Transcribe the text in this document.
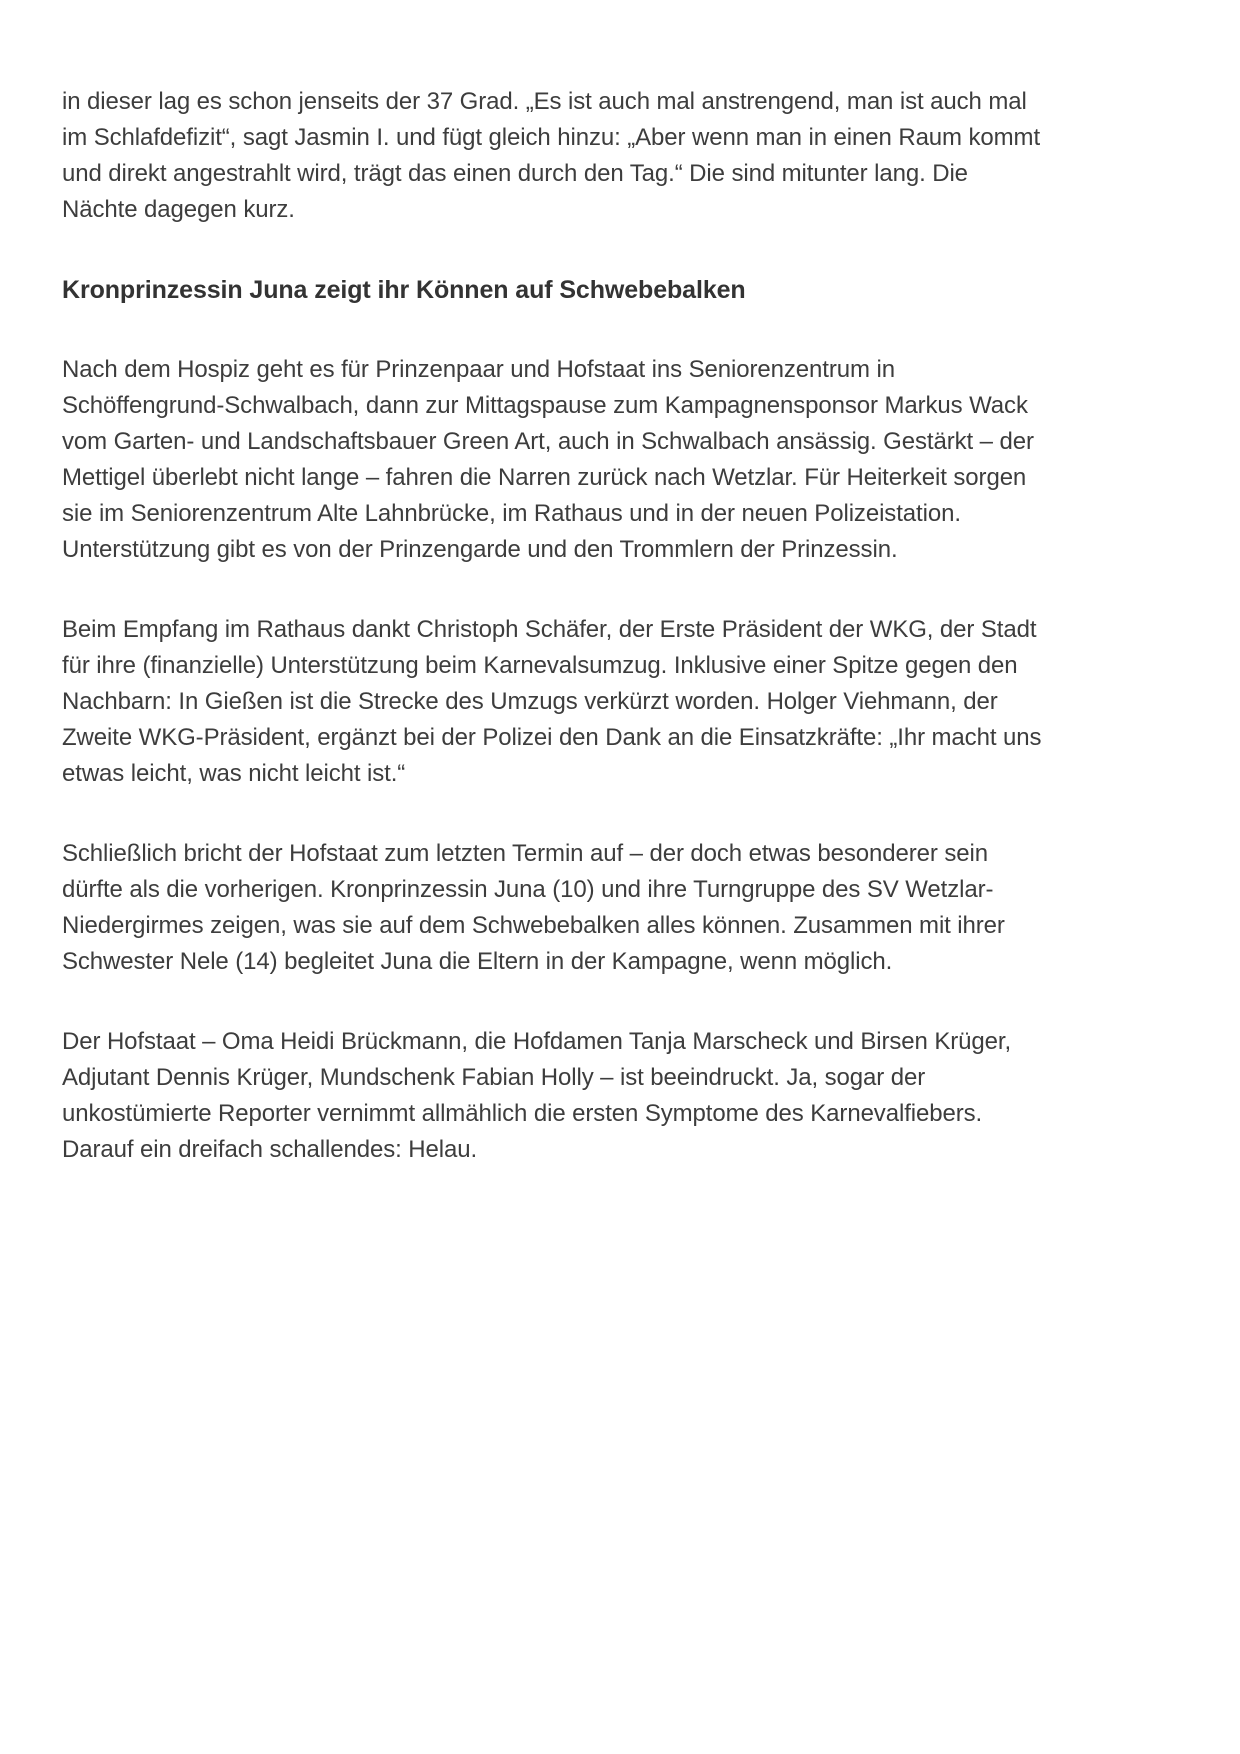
in dieser lag es schon jenseits der 37 Grad. „Es ist auch mal anstrengend, man ist auch mal
im Schlafdefizit“, sagt Jasmin I. und fügt gleich hinzu: „Aber wenn man in einen Raum kommt
und direkt angestrahlt wird, trägt das einen durch den Tag.“ Die sind mitunter lang. Die
Nächte dagegen kurz.
Kronprinzessin Juna zeigt ihr Können auf Schwebebalken
Nach dem Hospiz geht es für Prinzenpaar und Hofstaat ins Seniorenzentrum in
Schöffengrund-Schwalbach, dann zur Mittagspause zum Kampagnensponsor Markus Wack
vom Garten- und Landschaftsbauer Green Art, auch in Schwalbach ansässig. Gestärkt – der
Mettigel überlebt nicht lange – fahren die Narren zurück nach Wetzlar. Für Heiterkeit sorgen
sie im Seniorenzentrum Alte Lahnbrücke, im Rathaus und in der neuen Polizeistation.
Unterstützung gibt es von der Prinzengarde und den Trommlern der Prinzessin.
Beim Empfang im Rathaus dankt Christoph Schäfer, der Erste Präsident der WKG, der Stadt
für ihre (finanzielle) Unterstützung beim Karnevalsumzug. Inklusive einer Spitze gegen den
Nachbarn: In Gießen ist die Strecke des Umzugs verkürzt worden. Holger Viehmann, der
Zweite WKG-Präsident, ergänzt bei der Polizei den Dank an die Einsatzkräfte: „Ihr macht uns
etwas leicht, was nicht leicht ist.“
Schließlich bricht der Hofstaat zum letzten Termin auf – der doch etwas besonderer sein
dürfte als die vorherigen. Kronprinzessin Juna (10) und ihre Turngruppe des SV Wetzlar-
Niedergirmes zeigen, was sie auf dem Schwebebalken alles können. Zusammen mit ihrer
Schwester Nele (14) begleitet Juna die Eltern in der Kampagne, wenn möglich.
Der Hofstaat – Oma Heidi Brückmann, die Hofdamen Tanja Marscheck und Birsen Krüger,
Adjutant Dennis Krüger, Mundschenk Fabian Holly – ist beeindruckt. Ja, sogar der
unkostümierte Reporter vernimmt allmählich die ersten Symptome des Karnevalfiebers.
Darauf ein dreifach schallendes: Helau.
